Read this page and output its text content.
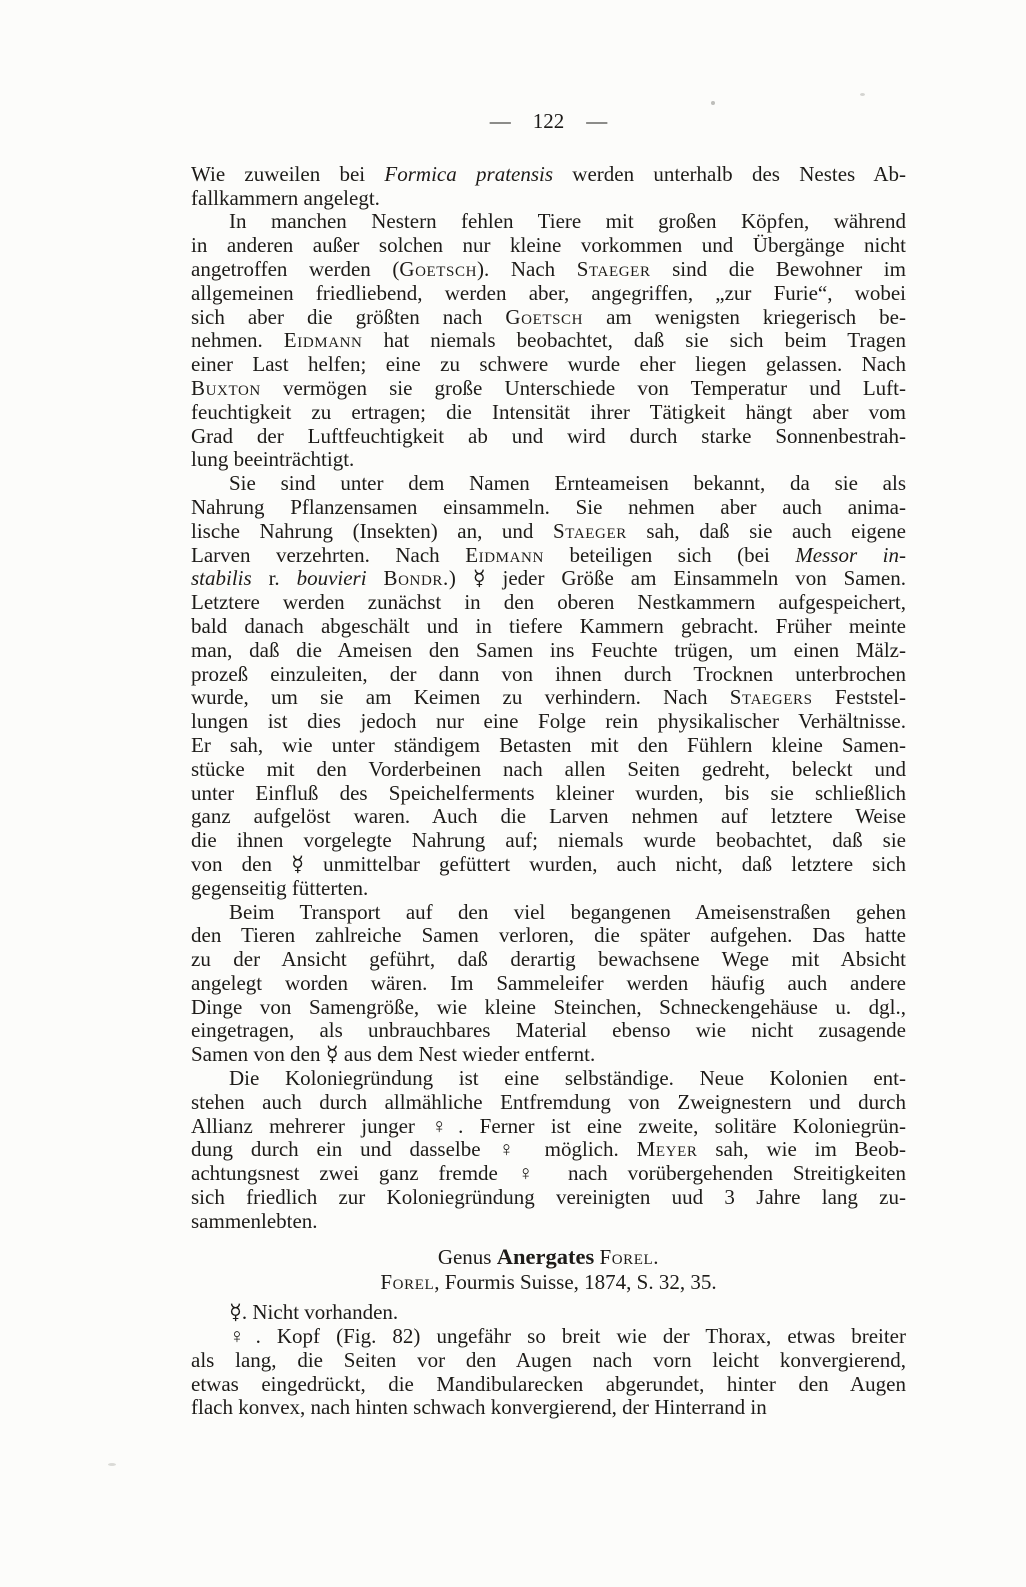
— 122 —
Wie zuweilen bei Formica pratensis werden unterhalb des Nestes Ab-
fallkammern angelegt.
In manchen Nestern fehlen Tiere mit großen Köpfen, während
in anderen außer solchen nur kleine vorkommen und Übergänge nicht
angetroffen werden (Goetsch). Nach Staeger sind die Bewohner im
allgemeinen friedliebend, werden aber, angegriffen, „zur Furie“, wobei
sich aber die größten nach Goetsch am wenigsten kriegerisch be-
nehmen. Eidmann hat niemals beobachtet, daß sie sich beim Tragen
einer Last helfen; eine zu schwere wurde eher liegen gelassen. Nach
Buxton vermögen sie große Unterschiede von Temperatur und Luft-
feuchtigkeit zu ertragen; die Intensität ihrer Tätigkeit hängt aber vom
Grad der Luftfeuchtigkeit ab und wird durch starke Sonnenbestrah-
lung beeinträchtigt.
Sie sind unter dem Namen Ernteameisen bekannt, da sie als
Nahrung Pflanzensamen einsammeln. Sie nehmen aber auch anima-
lische Nahrung (Insekten) an, und Staeger sah, daß sie auch eigene
Larven verzehrten. Nach Eidmann beteiligen sich (bei Messor in-
stabilis r. bouvieri Bondr.) ☿ jeder Größe am Einsammeln von Samen.
Letztere werden zunächst in den oberen Nestkammern aufgespeichert,
bald danach abgeschält und in tiefere Kammern gebracht. Früher meinte
man, daß die Ameisen den Samen ins Feuchte trügen, um einen Mälz-
prozeß einzuleiten, der dann von ihnen durch Trocknen unterbrochen
wurde, um sie am Keimen zu verhindern. Nach Staegers Feststel-
lungen ist dies jedoch nur eine Folge rein physikalischer Verhältnisse.
Er sah, wie unter ständigem Betasten mit den Fühlern kleine Samen-
stücke mit den Vorderbeinen nach allen Seiten gedreht, beleckt und
unter Einfluß des Speichelferments kleiner wurden, bis sie schließlich
ganz aufgelöst waren. Auch die Larven nehmen auf letztere Weise
die ihnen vorgelegte Nahrung auf; niemals wurde beobachtet, daß sie
von den ☿ unmittelbar gefüttert wurden, auch nicht, daß letztere sich
gegenseitig fütterten.
Beim Transport auf den viel begangenen Ameisenstraßen gehen
den Tieren zahlreiche Samen verloren, die später aufgehen. Das hatte
zu der Ansicht geführt, daß derartig bewachsene Wege mit Absicht
angelegt worden wären. Im Sammeleifer werden häufig auch andere
Dinge von Samengröße, wie kleine Steinchen, Schneckengehäuse u. dgl.,
eingetragen, als unbrauchbares Material ebenso wie nicht zusagende
Samen von den ☿ aus dem Nest wieder entfernt.
Die Koloniegründung ist eine selbständige. Neue Kolonien ent-
stehen auch durch allmähliche Entfremdung von Zweignestern und durch
Allianz mehrerer junger ♀. Ferner ist eine zweite, solitäre Koloniegrün-
dung durch ein und dasselbe ♀ möglich. Meyer sah, wie im Beob-
achtungsnest zwei ganz fremde ♀ nach vorübergehenden Streitigkeiten
sich friedlich zur Koloniegründung vereinigten uud 3 Jahre lang zu-
sammenlebten.
Genus Anergates Forel.
Forel, Fourmis Suisse, 1874, S. 32, 35.
☿. Nicht vorhanden.
♀. Kopf (Fig. 82) ungefähr so breit wie der Thorax, etwas breiter
als lang, die Seiten vor den Augen nach vorn leicht konvergierend,
etwas eingedrückt, die Mandibularecken abgerundet, hinter den Augen
flach konvex, nach hinten schwach konvergierend, der Hinterrand in
